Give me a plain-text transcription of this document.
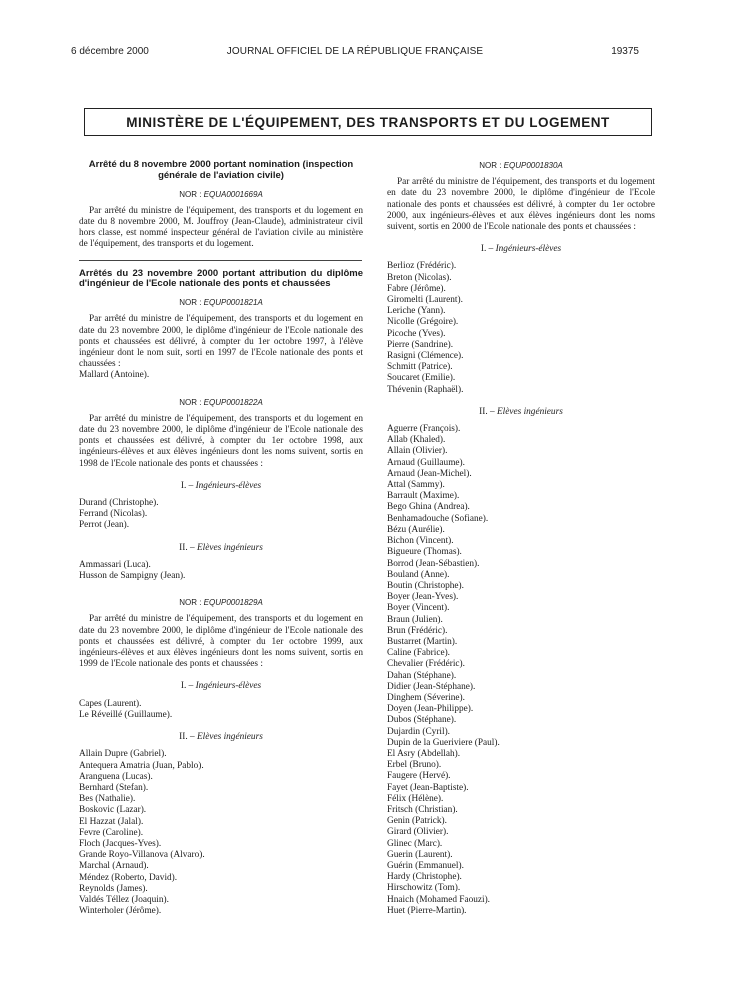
6 décembre 2000	JOURNAL OFFICIEL DE LA RÉPUBLIQUE FRANÇAISE	19375
MINISTÈRE DE L'ÉQUIPEMENT, DES TRANSPORTS ET DU LOGEMENT
Arrêté du 8 novembre 2000 portant nomination (inspection générale de l'aviation civile)
NOR : EQUA0001669A

Par arrêté du ministre de l'équipement, des transports et du logement en date du 8 novembre 2000, M. Jouffroy (Jean-Claude), administrateur civil hors classe, est nommé inspecteur général de l'aviation civile au ministère de l'équipement, des transports et du logement.

Arrêtés du 23 novembre 2000 portant attribution du diplôme d'ingénieur de l'Ecole nationale des ponts et chaussées
NOR : EQUP0001821A

Par arrêté du ministre de l'équipement, des transports et du logement en date du 23 novembre 2000, le diplôme d'ingénieur de l'Ecole nationale des ponts et chaussées est délivré, à compter du 1er octobre 1997, à l'élève ingénieur dont le nom suit, sorti en 1997 de l'Ecole nationale des ponts et chaussées :

Mallard (Antoine).
NOR : EQUP0001822A

Par arrêté du ministre de l'équipement, des transports et du logement en date du 23 novembre 2000, le diplôme d'ingénieur de l'Ecole nationale des ponts et chaussées est délivré, à compter du 1er octobre 1998, aux ingénieurs-élèves et aux élèves ingénieurs dont les noms suivent, sortis en 1998 de l'Ecole nationale des ponts et chaussées :

I. – Ingénieurs-élèves
Durand (Christophe).
Ferrand (Nicolas).
Perrot (Jean).
II. – Elèves ingénieurs
Ammassari (Luca).
Husson de Sampigny (Jean).
NOR : EQUP0001829A

Par arrêté du ministre de l'équipement, des transports et du logement en date du 23 novembre 2000, le diplôme d'ingénieur de l'Ecole nationale des ponts et chaussées est délivré, à compter du 1er octobre 1999, aux ingénieurs-élèves et aux élèves ingénieurs dont les noms suivent, sortis en 1999 de l'Ecole nationale des ponts et chaussées :

I. – Ingénieurs-élèves
Capes (Laurent).
Le Réveillé (Guillaume).
II. – Elèves ingénieurs
Allain Dupre (Gabriel).
Antequera Amatria (Juan, Pablo).
Aranguena (Lucas).
Bernhard (Stefan).
Bes (Nathalie).
Boskovic (Lazar).
El Hazzat (Jalal).
Fevre (Caroline).
Floch (Jacques-Yves).
Grande Royo-Villanova (Alvaro).
Marchal (Arnaud).
Méndez (Roberto, David).
Reynolds (James).
Valdés Téllez (Joaquin).
Winterholer (Jérôme).
NOR : EQUP0001830A

Par arrêté du ministre de l'équipement, des transports et du logement en date du 23 novembre 2000, le diplôme d'ingénieur de l'Ecole nationale des ponts et chaussées est délivré, à compter du 1er octobre 2000, aux ingénieurs-élèves et aux élèves ingénieurs dont les noms suivent, sortis en 2000 de l'Ecole nationale des ponts et chaussées :

I. – Ingénieurs-élèves
Berlioz (Frédéric).
Breton (Nicolas).
Fabre (Jérôme).
Giromelti (Laurent).
Leriche (Yann).
Nicolle (Grégoire).
Picoche (Yves).
Pierre (Sandrine).
Rasigni (Clémence).
Schmitt (Patrice).
Soucaret (Emilie).
Thévenin (Raphaël).
II. – Elèves ingénieurs
Aguerre (François).
Allab (Khaled).
Allain (Olivier).
Arnaud (Guillaume).
Arnaud (Jean-Michel).
Attal (Sammy).
Barrault (Maxime).
Bego Ghina (Andrea).
Benhamadouche (Sofiane).
Bézu (Aurélie).
Bichon (Vincent).
Bigueure (Thomas).
Borrod (Jean-Sébastien).
Bouland (Anne).
Boutin (Christophe).
Boyer (Jean-Yves).
Boyer (Vincent).
Braun (Julien).
Brun (Frédéric).
Bustarret (Martin).
Caline (Fabrice).
Chevalier (Frédéric).
Dahan (Stéphane).
Didier (Jean-Stéphane).
Dinghem (Séverine).
Doyen (Jean-Philippe).
Dubos (Stéphane).
Dujardin (Cyril).
Dupin de la Gueriviere (Paul).
El Asry (Abdellah).
Erbel (Bruno).
Faugere (Hervé).
Fayet (Jean-Baptiste).
Félix (Hélène).
Fritsch (Christian).
Genin (Patrick).
Girard (Olivier).
Glinec (Marc).
Guerin (Laurent).
Guérin (Emmanuel).
Hardy (Christophe).
Hirschowitz (Tom).
Hnaich (Mohamed Faouzi).
Huet (Pierre-Martin).
